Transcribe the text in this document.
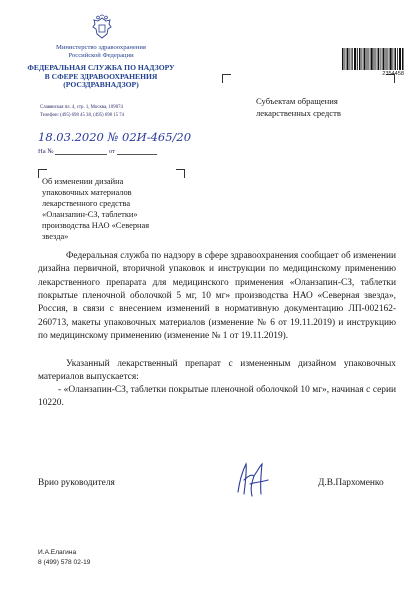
Министерство здравоохранения
Российской Федерации
ФЕДЕРАЛЬНАЯ СЛУЖБА ПО НАДЗОРУ
В СФЕРЕ ЗДРАВООХРАНЕНИЯ
(РОСЗДРАВНАДЗОР)
Славянская пл. 4, стр. 1, Москва, 109074
Телефон: (495) 698 45 38, (495) 698 15 74
18.03.2020 № 02И-465/20
На №	от
Об изменении дизайна
упаковочных материалов
лекарственного средства
«Оланзапин-СЗ, таблетки»
производства НАО «Северная
звезда»
2354458
Субъектам обращения
лекарственных средств

Федеральная служба по надзору в сфере здравоохранения сообщает об изменении дизайна первичной, вторичной упаковок и инструкции по медицинскому применению лекарственного препарата для медицинского применения «Оланзапин-СЗ, таблетки покрытые пленочной оболочкой 5 мг, 10 мг» производства НАО «Северная звезда», Россия, в связи с внесением изменений в нормативную документацию ЛП-002162-260713, макеты упаковочных материалов (изменение № 6 от 19.11.2019) и инструкцию по медицинскому применению (изменение № 1 от 19.11.2019).

Указанный лекарственный препарат с измененным дизайном упаковочных материалов выпускается:

- «Оланзапин-СЗ, таблетки покрытые пленочной оболочкой 10 мг», начиная с серии 10220.

Врио руководителя	Д.В.Пархоменко
И.А.Елагина
8 (499) 578 02-19
